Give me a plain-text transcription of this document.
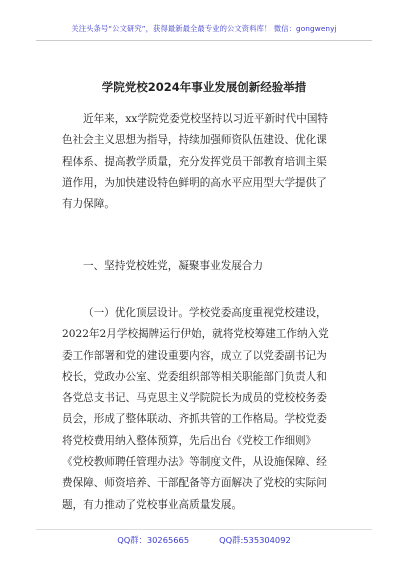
关注头条号“公文研究”，获得最新最全最专业的公文资料库！ 微信：gongwenyj
学院党校2024年事业发展创新经验举措
近年来，xx学院党委党校坚持以习近平新时代中国特
色社会主义思想为指导，持续加强师资队伍建设、优化课
程体系、提高教学质量，充分发挥党员干部教育培训主渠
道作用，为加快建设特色鲜明的高水平应用型大学提供了
有力保障。
一、坚持党校姓党，凝聚事业发展合力
（一）优化顶层设计。学校党委高度重视党校建设，
2022年2月学校揭牌运行伊始，就将党校筹建工作纳入党
委工作部署和党的建设重要内容，成立了以党委副书记为
校长，党政办公室、党委组织部等相关职能部门负责人和
各党总支书记、马克思主义学院院长为成员的党校校务委
员会，形成了整体联动、齐抓共管的工作格局。学校党委
将党校费用纳入整体预算，先后出台《党校工作细则》
《党校教师聘任管理办法》等制度文件，从设施保障、经
费保障、师资培养、干部配备等方面解决了党校的实际问
题，有力推动了党校事业高质量发展。
QQ群：30265665	QQ群:535304092
